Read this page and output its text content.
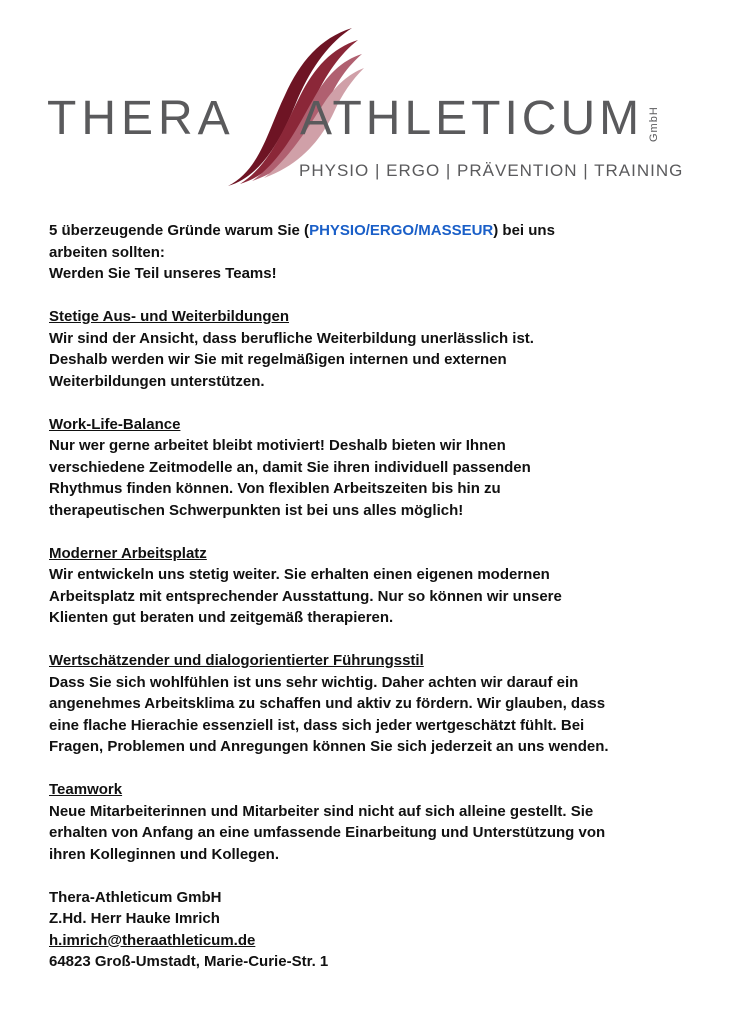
THERA ATHLETICUM GmbH
PHYSIO | ERGO | PRÄVENTION | TRAINING

5 überzeugende Gründe warum Sie (PHYSIO/ERGO/MASSEUR) bei uns

arbeiten sollten:

Werden Sie Teil unseres Teams!

Stetige Aus- und Weiterbildungen

Wir sind der Ansicht, dass berufliche Weiterbildung unerlässlich ist.

Deshalb werden wir Sie mit regelmäßigen internen und externen

Weiterbildungen unterstützen.

Work-Life-Balance

Nur wer gerne arbeitet bleibt motiviert! Deshalb bieten wir Ihnen

verschiedene Zeitmodelle an, damit Sie ihren individuell passenden

Rhythmus finden können. Von flexiblen Arbeitszeiten bis hin zu

therapeutischen Schwerpunkten ist bei uns alles möglich!

Moderner Arbeitsplatz

Wir entwickeln uns stetig weiter. Sie erhalten einen eigenen modernen

Arbeitsplatz mit entsprechender Ausstattung. Nur so können wir unsere

Klienten gut beraten und zeitgemäß therapieren.

Wertschätzender und dialogorientierter Führungsstil

Dass Sie sich wohlfühlen ist uns sehr wichtig. Daher achten wir darauf ein

angenehmes Arbeitsklima zu schaffen und aktiv zu fördern. Wir glauben, dass

eine flache Hierachie essenziell ist, dass sich jeder wertgeschätzt fühlt. Bei

Fragen, Problemen und Anregungen können Sie sich jederzeit an uns wenden.

Teamwork

Neue Mitarbeiterinnen und Mitarbeiter sind nicht auf sich alleine gestellt. Sie

erhalten von Anfang an eine umfassende Einarbeitung und Unterstützung von

ihren Kolleginnen und Kollegen.

Thera-Athleticum GmbH

Z.Hd. Herr Hauke Imrich

h.imrich@theraathleticum.de

64823 Groß-Umstadt, Marie-Curie-Str. 1
